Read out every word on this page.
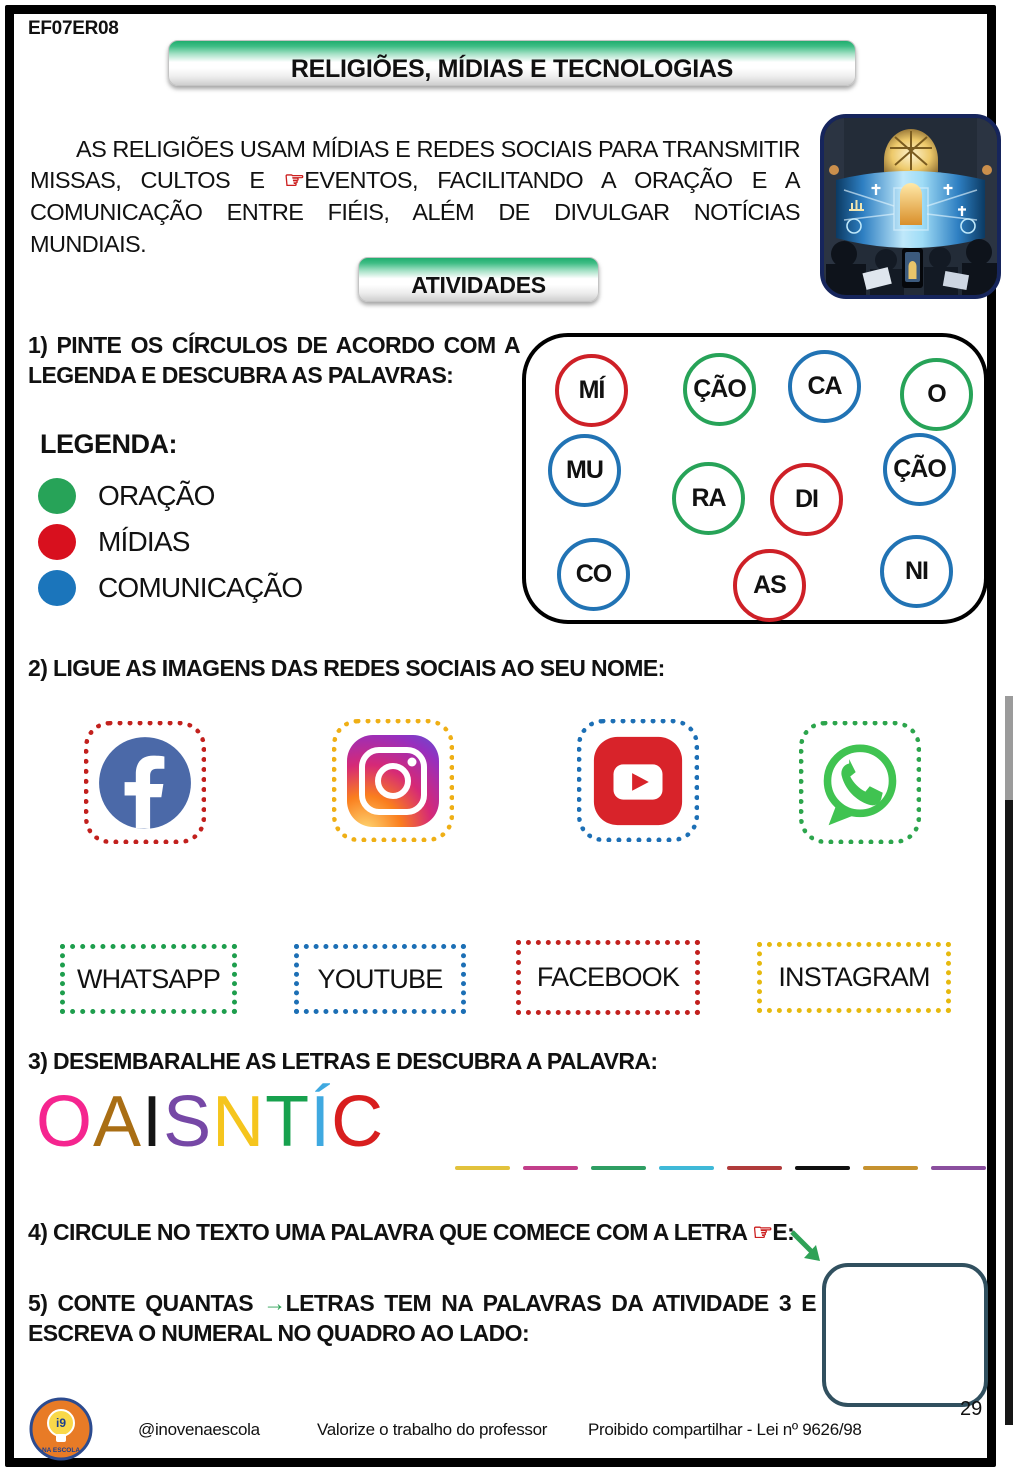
EF07ER08
RELIGIÕES, MÍDIAS E TECNOLOGIAS

AS RELIGIÕES USAM MÍDIAS E REDES SOCIAIS PARA TRANSMITIR MISSAS, CULTOS E ☞EVENTOS, FACILITANDO A ORAÇÃO E A COMUNICAÇÃO ENTRE FIÉIS, ALÉM DE DIVULGAR NOTÍCIAS MUNDIAIS.

ATIVIDADES
1) PINTE OS CÍRCULOS DE ACORDO COM A LEGENDA E DESCUBRA AS PALAVRAS:
LEGENDA:
ORAÇÃO
MÍDIAS
COMUNICAÇÃO
MÍ	ÇÃO	CA	O
MU
RA	DI
ÇÃO
CO	AS	NI
2) LIGUE AS IMAGENS DAS REDES SOCIAIS AO SEU NOME:
WHATSAPP	YOUTUBE	FACEBOOK	INSTAGRAM
3) DESEMBARALHE AS LETRAS E DESCUBRA A PALAVRA:
OAISNTÍC
4) CIRCULE NO TEXTO UMA PALAVRA QUE COMECE COM A LETRA ☞E:
5) CONTE QUANTAS →LETRAS TEM NA PALAVRAS DA ATIVIDADE 3 E ESCREVA O NUMERAL NO QUADRO AO LADO:
i9
NA ESCOLA
@inovenaescola	Valorize o trabalho do professor Proibido compartilhar - Lei nº 9626/98
29
